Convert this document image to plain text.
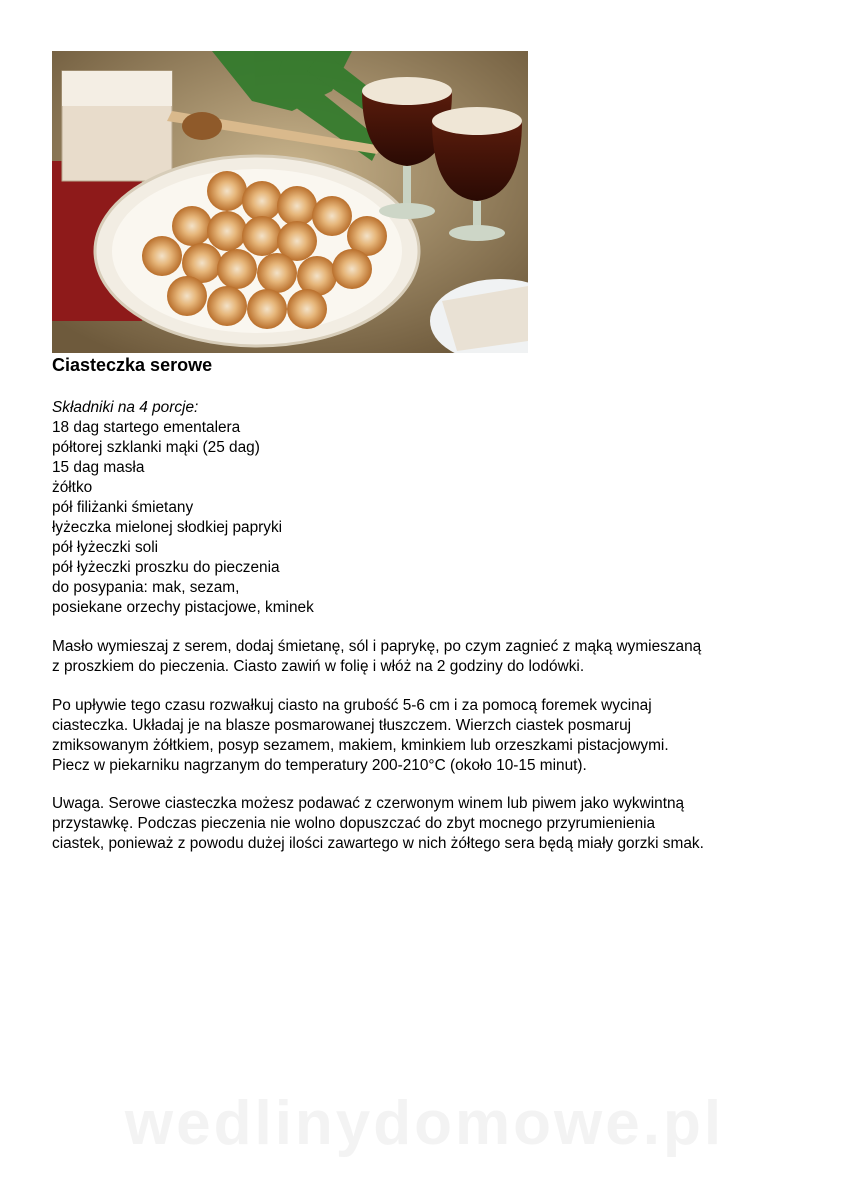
Ciasteczka serowe
Składniki na 4 porcje:
18 dag startego ementalera
półtorej szklanki mąki (25 dag)
15 dag masła
żółtko
pół filiżanki śmietany
łyżeczka mielonej słodkiej papryki
pół łyżeczki soli
pół łyżeczki proszku do pieczenia
do posypania: mak, sezam,
posiekane orzechy pistacjowe, kminek
Masło wymieszaj z serem, dodaj śmietanę, sól i paprykę, po czym zagnieć z mąką wymieszaną
z proszkiem do pieczenia. Ciasto zawiń w folię i włóż na 2 godziny do lodówki.
Po upływie tego czasu rozwałkuj ciasto na grubość 5-6 cm i za pomocą foremek wycinaj
ciasteczka. Układaj je na blasze posmarowanej tłuszczem. Wierzch ciastek posmaruj
zmiksowanym żółtkiem, posyp sezamem, makiem, kminkiem lub orzeszkami pistacjowymi.
Piecz w piekarniku nagrzanym do temperatury 200-210°C (około 10-15 minut).
Uwaga. Serowe ciasteczka możesz podawać z czerwonym winem lub piwem jako wykwintną
przystawkę. Podczas pieczenia nie wolno dopuszczać do zbyt mocnego przyrumienienia
ciastek, ponieważ z powodu dużej ilości zawartego w nich żółtego sera będą miały gorzki smak.
wedlinydomowe.pl
